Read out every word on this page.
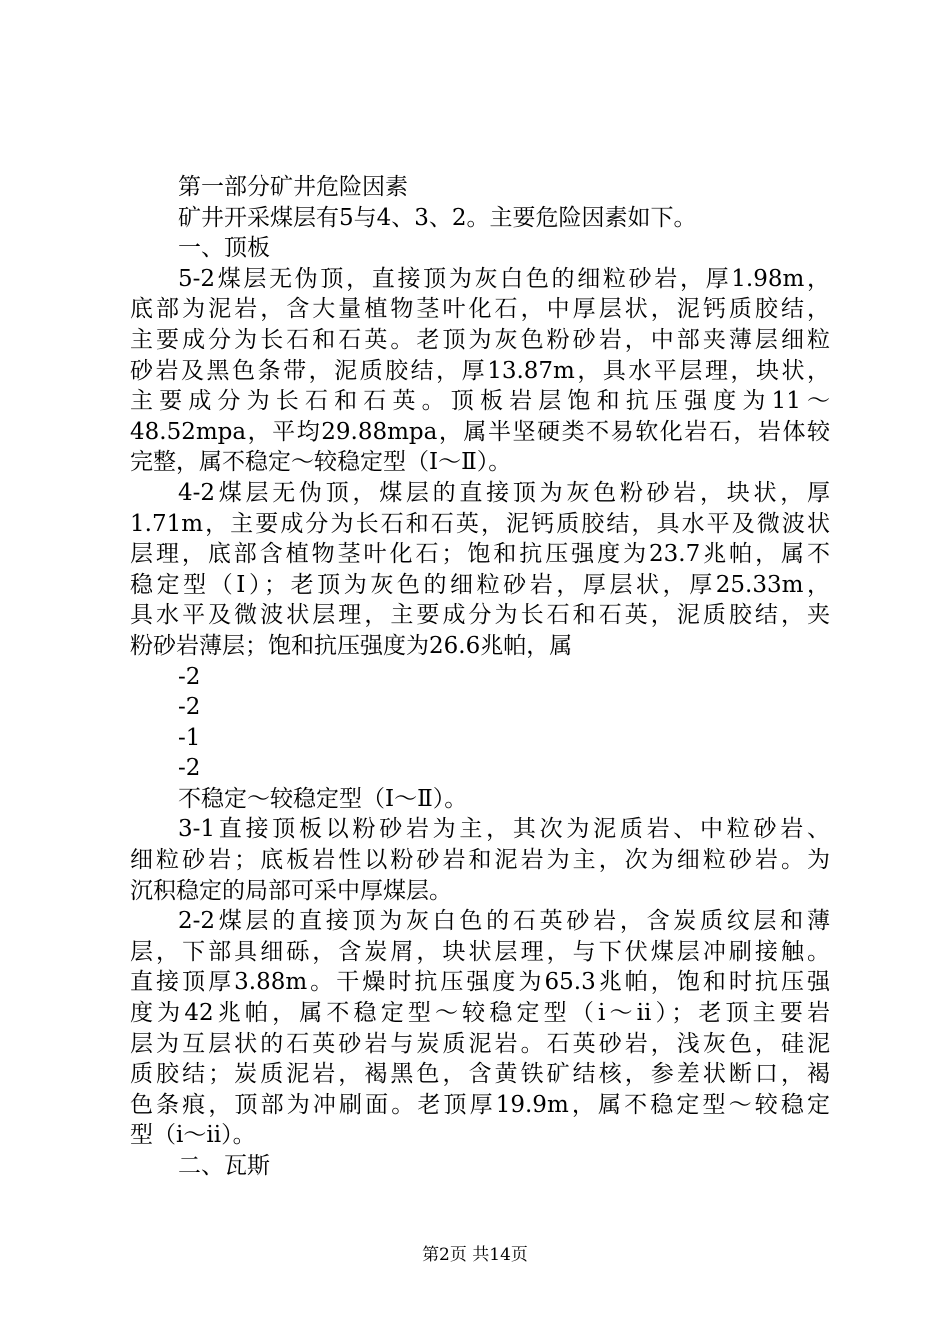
第一部分矿井危险因素
矿井开采煤层有5与4、3、2。主要危险因素如下。
一、顶板
5-2煤层无伪顶，直接顶为灰白色的细粒砂岩，厚1.98m，
底部为泥岩，含大量植物茎叶化石，中厚层状，泥钙质胶结，
主要成分为长石和石英。老顶为灰色粉砂岩，中部夹薄层细粒
砂岩及黑色条带，泥质胶结，厚13.87m，具水平层理，块状，
主要成分为长石和石英。顶板岩层饱和抗压强度为11～
48.52mpa，平均29.88mpa，属半坚硬类不易软化岩石，岩体较
完整，属不稳定～较稳定型（Ⅰ～Ⅱ）。
4-2煤层无伪顶，煤层的直接顶为灰色粉砂岩，块状，厚
1.71m，主要成分为长石和石英，泥钙质胶结，具水平及微波状
层理，底部含植物茎叶化石；饱和抗压强度为23.7兆帕，属不
稳定型（Ⅰ）；老顶为灰色的细粒砂岩，厚层状，厚25.33m，
具水平及微波状层理，主要成分为长石和石英，泥质胶结，夹
粉砂岩薄层；饱和抗压强度为26.6兆帕，属
-2
-2
-1
-2
不稳定～较稳定型（Ⅰ～Ⅱ）。
3-1直接顶板以粉砂岩为主，其次为泥质岩、中粒砂岩、
细粒砂岩；底板岩性以粉砂岩和泥岩为主，次为细粒砂岩。为
沉积稳定的局部可采中厚煤层。
2-2煤层的直接顶为灰白色的石英砂岩，含炭质纹层和薄
层，下部具细砾，含炭屑，块状层理，与下伏煤层冲刷接触。
直接顶厚3.88m。干燥时抗压强度为65.3兆帕，饱和时抗压强
度为42兆帕，属不稳定型～较稳定型（i～ii）；老顶主要岩
层为互层状的石英砂岩与炭质泥岩。石英砂岩，浅灰色，硅泥
质胶结；炭质泥岩，褐黑色，含黄铁矿结核，参差状断口，褐
色条痕，顶部为冲刷面。老顶厚19.9m，属不稳定型～较稳定
型（i～ii）。
二、瓦斯
第2页 共14页
